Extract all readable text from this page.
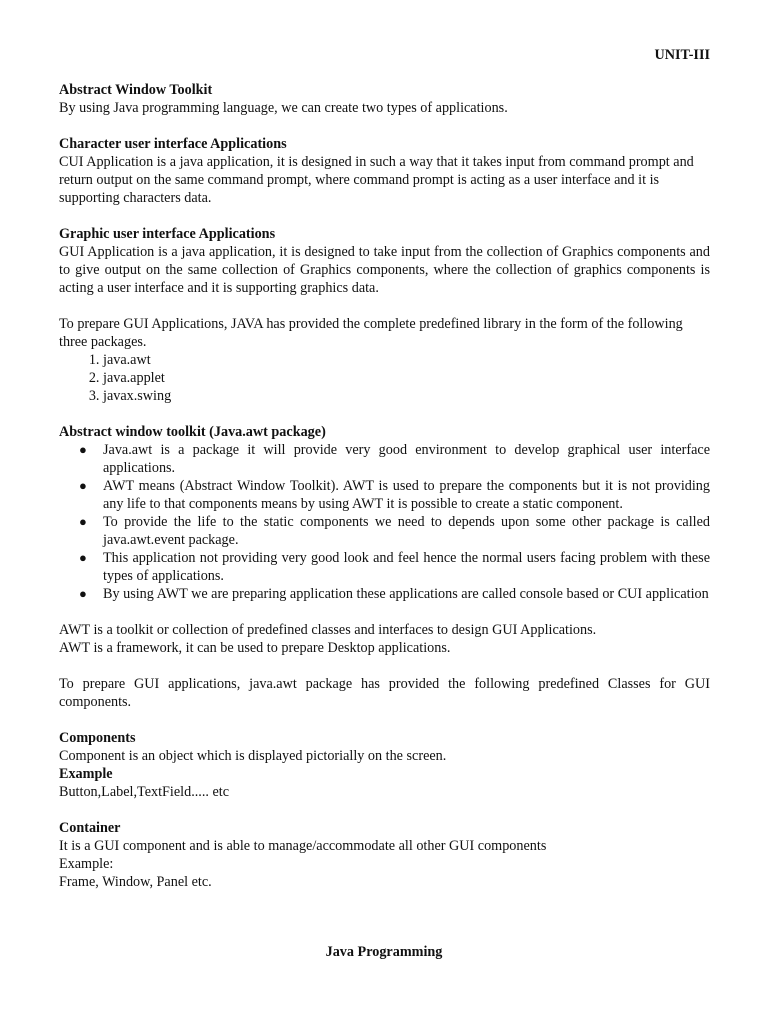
UNIT-III

Abstract Window Toolkit

By using Java programming language, we can create two types of applications.

Character user interface Applications

CUI Application is a java application, it is designed in such a way that it takes input from command prompt and return output on the same command prompt, where command prompt is acting as a user interface and it is supporting characters data.

Graphic user interface Applications

GUI Application is a java application, it is designed to take input from the collection of Graphics components and to give output on the same collection of Graphics components, where the collection of graphics components is acting a user interface and it is supporting graphics data.

To prepare GUI Applications, JAVA has provided the complete predefined library in the form of the following three packages.

1. java.awt
2. java.applet
3. javax.swing

Abstract window toolkit (Java.awt package)

● Java.awt is a package it will provide very good environment to develop graphical user interface applications.
● AWT means (Abstract Window Toolkit). AWT is used to prepare the components but it is not providing any life to that components means by using AWT it is possible to create a static component.
● To provide the life to the static components we need to depends upon some other package is called java.awt.event package.
● This application not providing very good look and feel hence the normal users facing problem with these types of applications.
● By using AWT we are preparing application these applications are called console based or CUI application

AWT is a toolkit or collection of predefined classes and interfaces to design GUI Applications.

AWT is a framework, it can be used to prepare Desktop applications.

To prepare GUI applications, java.awt package has provided the following predefined Classes for GUI components.

Components

Component is an object which is displayed pictorially on the screen.

Example

Button,Label,TextField..... etc

Container

It is a GUI component and is able to manage/accommodate all other GUI components

Example:

Frame, Window, Panel etc.

Java Programming
